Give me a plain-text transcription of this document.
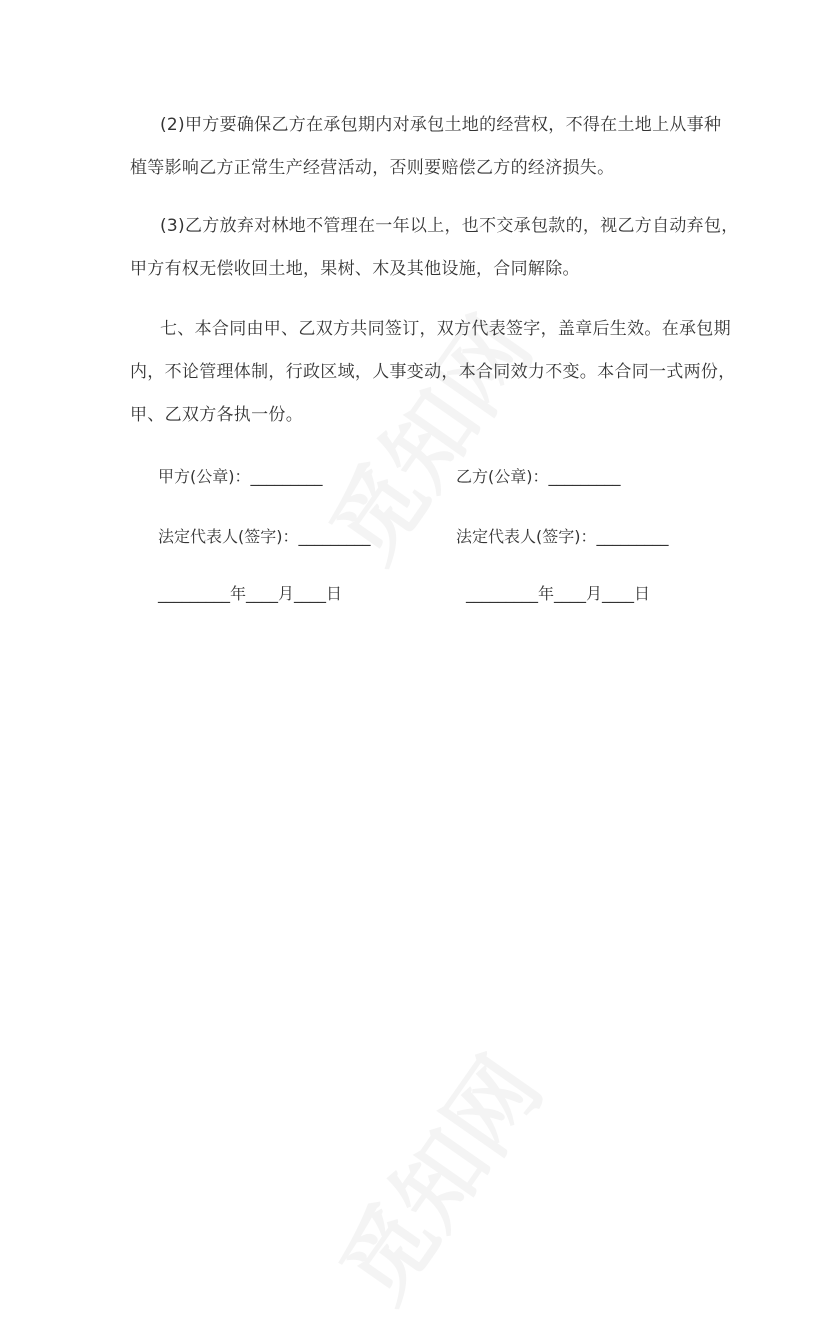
(2)甲方要确保乙方在承包期内对承包土地的经营权，不得在土地上从事种
植等影响乙方正常生产经营活动，否则要赔偿乙方的经济损失。
(3)乙方放弃对林地不管理在一年以上，也不交承包款的，视乙方自动弃包，
甲方有权无偿收回土地，果树、木及其他设施，合同解除。
七、本合同由甲、乙双方共同签订，双方代表签字，盖章后生效。在承包期
内，不论管理体制，行政区域，人事变动，本合同效力不变。本合同一式两份，
甲、乙双方各执一份。
甲方(公章)：_________	乙方(公章)：_________
法定代表人(签字)：_________	法定代表人(签字)：_________
_________年____月____日	_________年____月____日
